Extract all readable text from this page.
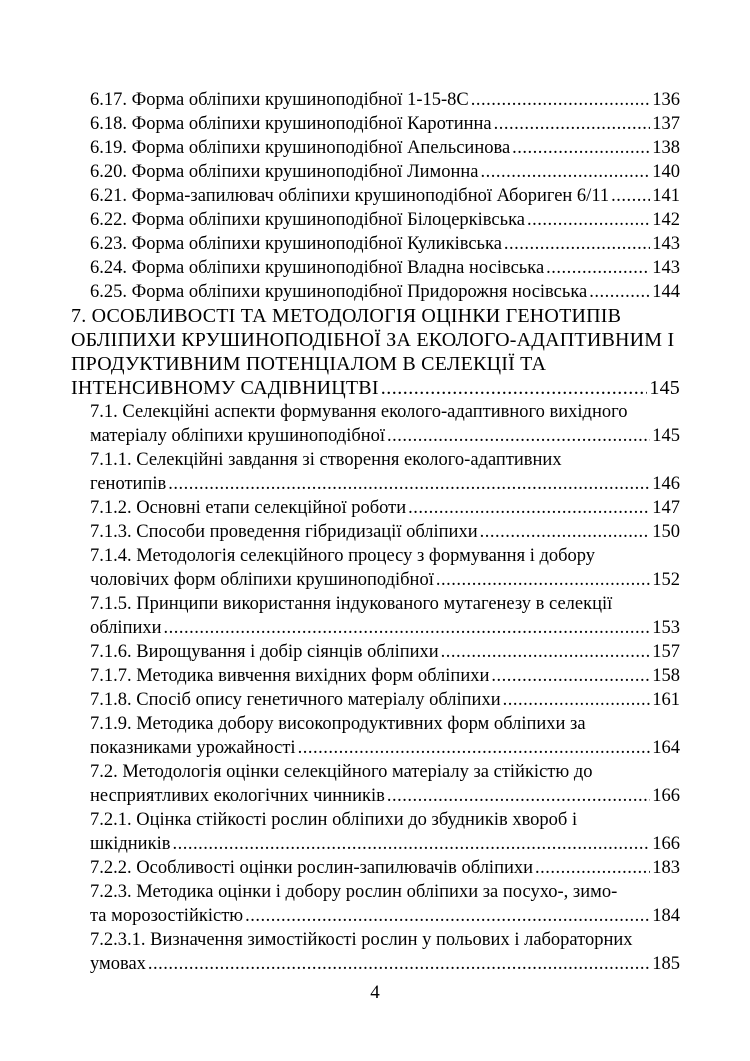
6.17. Форма обліпихи крушиноподібної 1-15-8С .....	136
6.18. Форма обліпихи крушиноподібної Каротинна .....	137
6.19. Форма обліпихи крушиноподібної Апельсинова .....	138
6.20. Форма обліпихи крушиноподібної Лимонна .....	140
6.21. Форма-запилювач обліпихи крушиноподібної Абориген 6/11 ..... 141
6.22. Форма обліпихи крушиноподібної Білоцерківська .....	142
6.23. Форма обліпихи крушиноподібної Куликівська .....	143
6.24. Форма обліпихи крушиноподібної Владна носівська .....	143
6.25. Форма обліпихи крушиноподібної Придорожня носівська .....	144
7. ОСОБЛИВОСТІ ТА МЕТОДОЛОГІЯ ОЦІНКИ ГЕНОТИПІВ
ОБЛІПИХИ КРУШИНОПОДІБНОЇ ЗА ЕКОЛОГО-АДАПТИВНИМ І
ПРОДУКТИВНИМ ПОТЕНЦІАЛОМ В СЕЛЕКЦІЇ ТА
ІНТЕНСИВНОМУ САДІВНИЦТВІ .....	145
7.1. Селекційні аспекти формування еколого-адаптивного вихідного
матеріалу обліпихи крушиноподібної .....	145
7.1.1. Селекційні завдання зі створення еколого-адаптивних
генотипів .....	146
7.1.2. Основні етапи селекційної роботи .....	147
7.1.3. Способи проведення гібридизації обліпихи .....	150
7.1.4. Методологія селекційного процесу з формування і добору
чоловічих форм обліпихи крушиноподібної .....	152
7.1.5. Принципи використання індукованого мутагенезу в селекції
обліпихи .....	153
7.1.6. Вирощування і добір сіянців обліпихи .....	157
7.1.7. Методика вивчення вихідних форм обліпихи .....	158
7.1.8. Спосіб опису генетичного матеріалу обліпихи .....	161
7.1.9. Методика добору високопродуктивних форм обліпихи за
показниками урожайності .....	164
7.2. Методологія оцінки селекційного матеріалу за стійкістю до
несприятливих екологічних чинників .....	166
7.2.1. Оцінка стійкості рослин обліпихи до збудників хвороб і
шкідників .....	166
7.2.2. Особливості оцінки рослин-запилювачів обліпихи .....	183
7.2.3. Методика оцінки і добору рослин обліпихи за посухо-, зимо-
та морозостійкістю .....	184
7.2.3.1. Визначення зимостійкості рослин у польових і лабораторних
умовах .....	185
4
